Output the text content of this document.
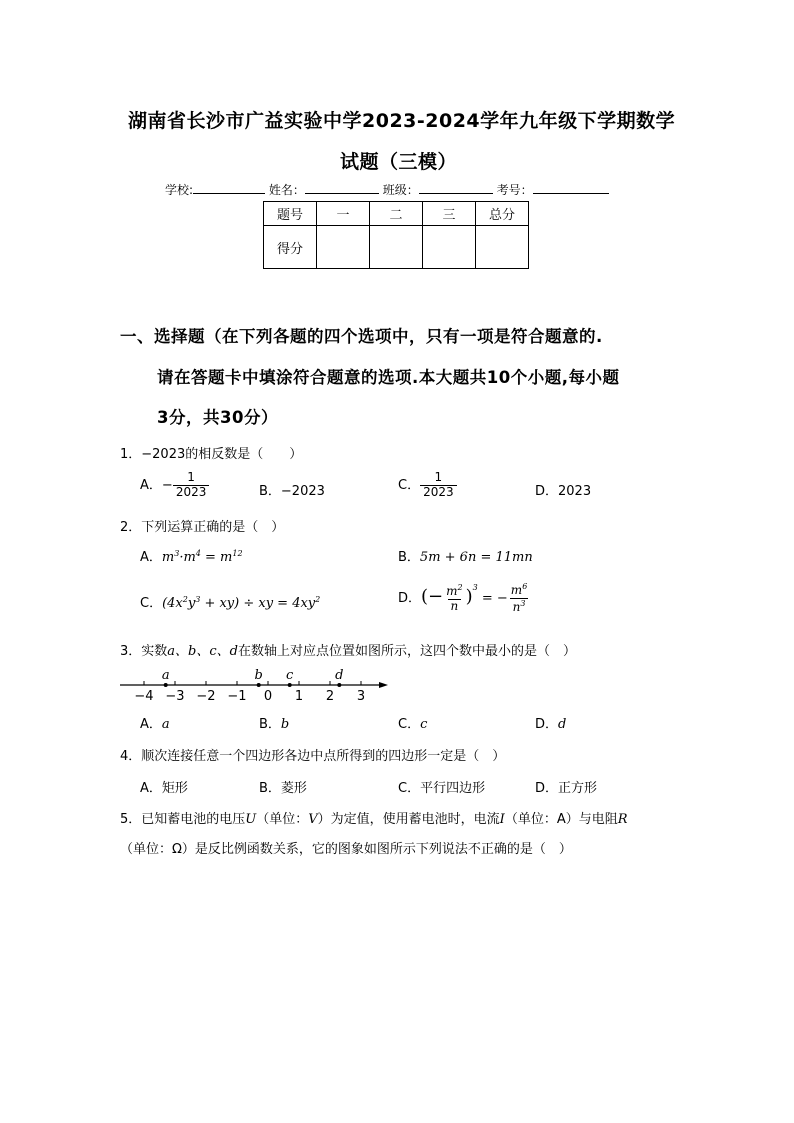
湖南省长沙市广益实验中学2023-2024学年九年级下学期数学
试题（三模）
学校:	姓名：	班级：	考号：
题号	一	二	三	总分
得分				
一、选择题（在下列各题的四个选项中，只有一项是符合题意的.
请在答题卡中填涂符合题意的选项.本大题共10个小题,每小题
3分，共30分）
1．−2023的相反数是（　　）
A．− $\frac{1}{2023}$	B．−2023	C． $\frac{1}{2023}$	D．2023
2．下列运算正确的是（　）
A．$m^3\cdot m^4 = m^{12}$	B．5m + 6n = 11mn
C．$(4x^2y^3 + xy)$ ÷ xy = $4xy^2$	D．(− $\frac{m^2}{n} )^3$ = − $\frac{m^6}{n^3}$
3．实数a、b、c、d在数轴上对应点位置如图所示，这四个数中最小的是（　）
−4 −3 −2 −1 0 1 2 3
a	b c	d
A．a	B．b	C．c	D．d
4．顺次连接任意一个四边形各边中点所得到的四边形一定是（　）
A．矩形	B．菱形	C．平行四边形	D．正方形
5．已知蓄电池的电压U（单位：V）为定值，使用蓄电池时，电流I（单位：A）与电阻R
（单位：Ω）是反比例函数关系，它的图象如图所示下列说法不正确的是（　）
